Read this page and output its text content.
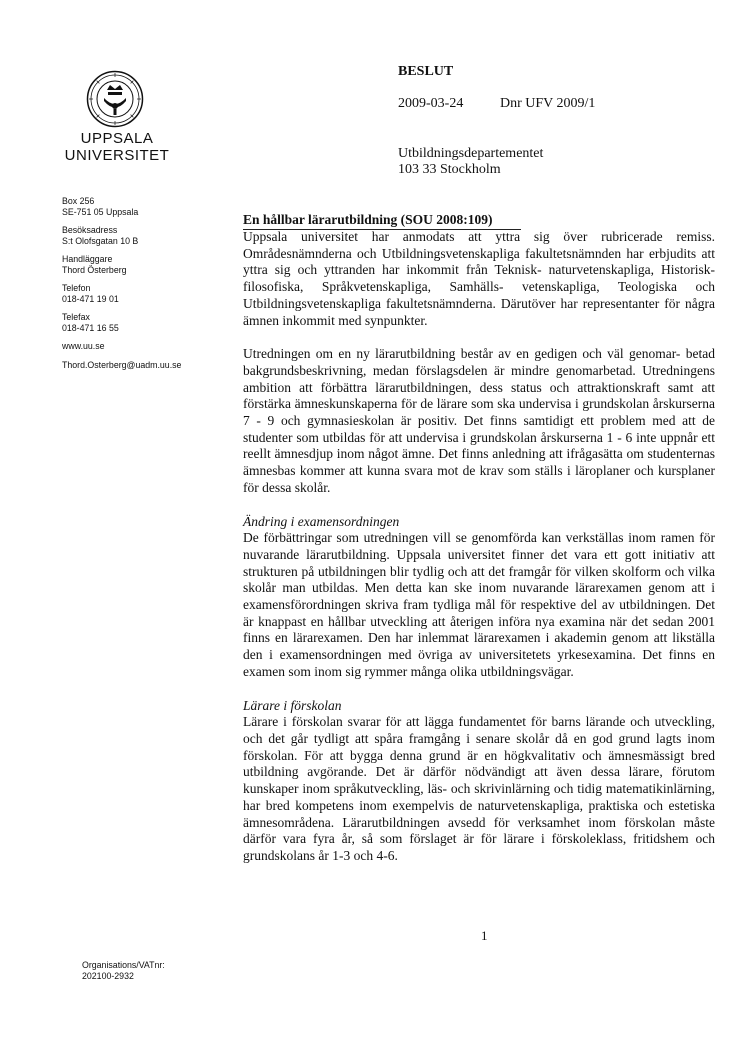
UPPSALA
UNIVERSITET
Box 256
SE-751 05 Uppsala
Besöksadress
S:t Olofsgatan 10 B
Handläggare
Thord Österberg
Telefon
018-471 19 01
Telefax
018-471 16 55
www.uu.se
Thord.Osterberg@uadm.uu.se
Organisations/VATnr:
202100-2932
BESLUT
2009-03-24	Dnr UFV 2009/1
Utbildningsdepartementet
103 33 Stockholm
En hållbar lärarutbildning (SOU 2008:109)

Uppsala universitet har anmodats att yttra sig över rubricerade remiss. Områdesnämnderna och Utbildningsvetenskapliga fakultetsnämnden har erbjudits att yttra sig och yttranden har inkommit från Teknisk- naturvetenskapliga, Historisk-filosofiska, Språkvetenskapliga, Samhälls- vetenskapliga, Teologiska och Utbildningsvetenskapliga fakultetsnämnderna. Därutöver har representanter för några ämnen inkommit med synpunkter.

Utredningen om en ny lärarutbildning består av en gedigen och väl genomar- betad bakgrundsbeskrivning, medan förslagsdelen är mindre genomarbetad. Utredningens ambition att förbättra lärarutbildningen, dess status och attraktionskraft samt att förstärka ämneskunskaperna för de lärare som ska undervisa i grundskolan årskurserna 7 - 9 och gymnasieskolan är positiv. Det finns samtidigt ett problem med att de studenter som utbildas för att undervisa i grundskolan årskurserna 1 - 6 inte uppnår ett reellt ämnesdjup inom något ämne. Det finns anledning att ifrågasätta om studenternas ämnesbas kommer att kunna svara mot de krav som ställs i läroplaner och kursplaner för dessa skolår.

Ändring i examensordningen

De förbättringar som utredningen vill se genomförda kan verkställas inom ramen för nuvarande lärarutbildning. Uppsala universitet finner det vara ett gott initiativ att strukturen på utbildningen blir tydlig och att det framgår för vilken skolform och vilka skolår man utbildas. Men detta kan ske inom nuvarande lärarexamen genom att i examensförordningen skriva fram tydliga mål för respektive del av utbildningen. Det är knappast en hållbar utveckling att återigen införa nya examina när det sedan 2001 finns en lärarexamen. Den har inlemmat lärarexamen i akademin genom att likställa den i examensordningen med övriga av universitetets yrkesexamina. Det finns en examen som inom sig rymmer många olika utbildningsvägar.

Lärare i förskolan

Lärare i förskolan svarar för att lägga fundamentet för barns lärande och utveckling, och det går tydligt att spåra framgång i senare skolår då en god grund lagts inom förskolan. För att bygga denna grund är en högkvalitativ och ämnesmässigt bred utbildning avgörande. Det är därför nödvändigt att även dessa lärare, förutom kunskaper inom språkutveckling, läs- och skrivinlärning och tidig matematikinlärning, har bred kompetens inom exempelvis de naturvetenskapliga, praktiska och estetiska ämnesområdena. Lärarutbildningen avsedd för verksamhet inom förskolan måste därför vara fyra år, så som förslaget är för lärare i förskoleklass, fritidshem och grundskolans år 1-3 och 4-6.

1
